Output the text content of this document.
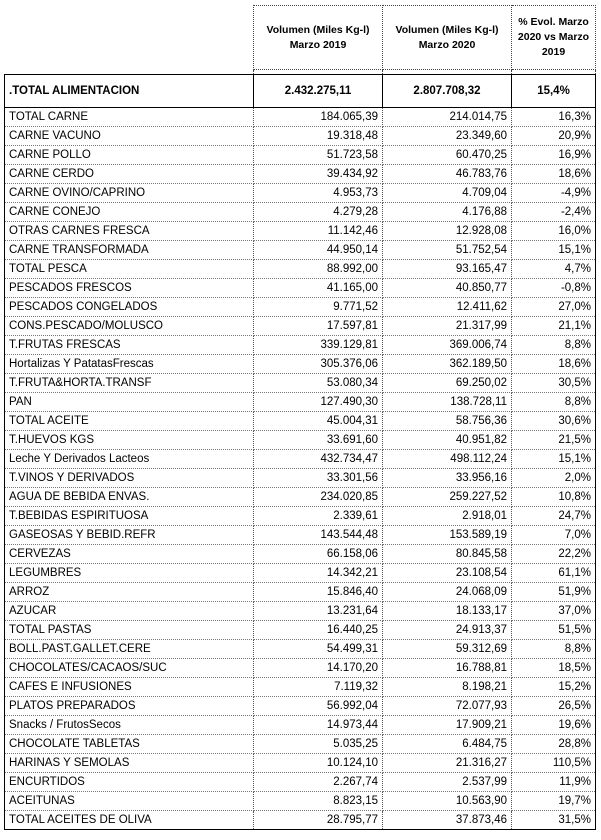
	Volumen (Miles Kg-l) Marzo 2019	Volumen (Miles Kg-l) Marzo 2020	% Evol. Marzo 2020 vs Marzo 2019

.TOTAL ALIMENTACION	2.432.275,11	2.807.708,32	15,4%
TOTAL CARNE	184.065,39	214.014,75	16,3%
CARNE VACUNO	19.318,48	23.349,60	20,9%
CARNE POLLO	51.723,58	60.470,25	16,9%
CARNE CERDO	39.434,92	46.783,76	18,6%
CARNE OVINO/CAPRINO	4.953,73	4.709,04	-4,9%
CARNE CONEJO	4.279,28	4.176,88	-2,4%
OTRAS CARNES FRESCA	11.142,46	12.928,08	16,0%
CARNE TRANSFORMADA	44.950,14	51.752,54	15,1%
TOTAL PESCA	88.992,00	93.165,47	4,7%
PESCADOS FRESCOS	41.165,00	40.850,77	-0,8%
PESCADOS CONGELADOS	9.771,52	12.411,62	27,0%
CONS.PESCADO/MOLUSCO	17.597,81	21.317,99	21,1%
T.FRUTAS FRESCAS	339.129,81	369.006,74	8,8%
Hortalizas Y PatatasFrescas	305.376,06	362.189,50	18,6%
T.FRUTA&HORTA.TRANSF	53.080,34	69.250,02	30,5%
PAN	127.490,30	138.728,11	8,8%
TOTAL ACEITE	45.004,31	58.756,36	30,6%
T.HUEVOS KGS	33.691,60	40.951,82	21,5%
Leche Y Derivados Lacteos	432.734,47	498.112,24	15,1%
T.VINOS Y DERIVADOS	33.301,56	33.956,16	2,0%
AGUA DE BEBIDA ENVAS.	234.020,85	259.227,52	10,8%
T.BEBIDAS ESPIRITUOSA	2.339,61	2.918,01	24,7%
GASEOSAS Y BEBID.REFR	143.544,48	153.589,19	7,0%
CERVEZAS	66.158,06	80.845,58	22,2%
LEGUMBRES	14.342,21	23.108,54	61,1%
ARROZ	15.846,40	24.068,09	51,9%
AZUCAR	13.231,64	18.133,17	37,0%
TOTAL PASTAS	16.440,25	24.913,37	51,5%
BOLL.PAST.GALLET.CERE	54.499,31	59.312,69	8,8%
CHOCOLATES/CACAOS/SUC	14.170,20	16.788,81	18,5%
CAFES E INFUSIONES	7.119,32	8.198,21	15,2%
PLATOS PREPARADOS	56.992,04	72.077,93	26,5%
Snacks / FrutosSecos	14.973,44	17.909,21	19,6%
CHOCOLATE TABLETAS	5.035,25	6.484,75	28,8%
HARINAS Y SEMOLAS	10.124,10	21.316,27	110,5%
ENCURTIDOS	2.267,74	2.537,99	11,9%
ACEITUNAS	8.823,15	10.563,90	19,7%
TOTAL ACEITES DE OLIVA	28.795,77	37.873,46	31,5%
